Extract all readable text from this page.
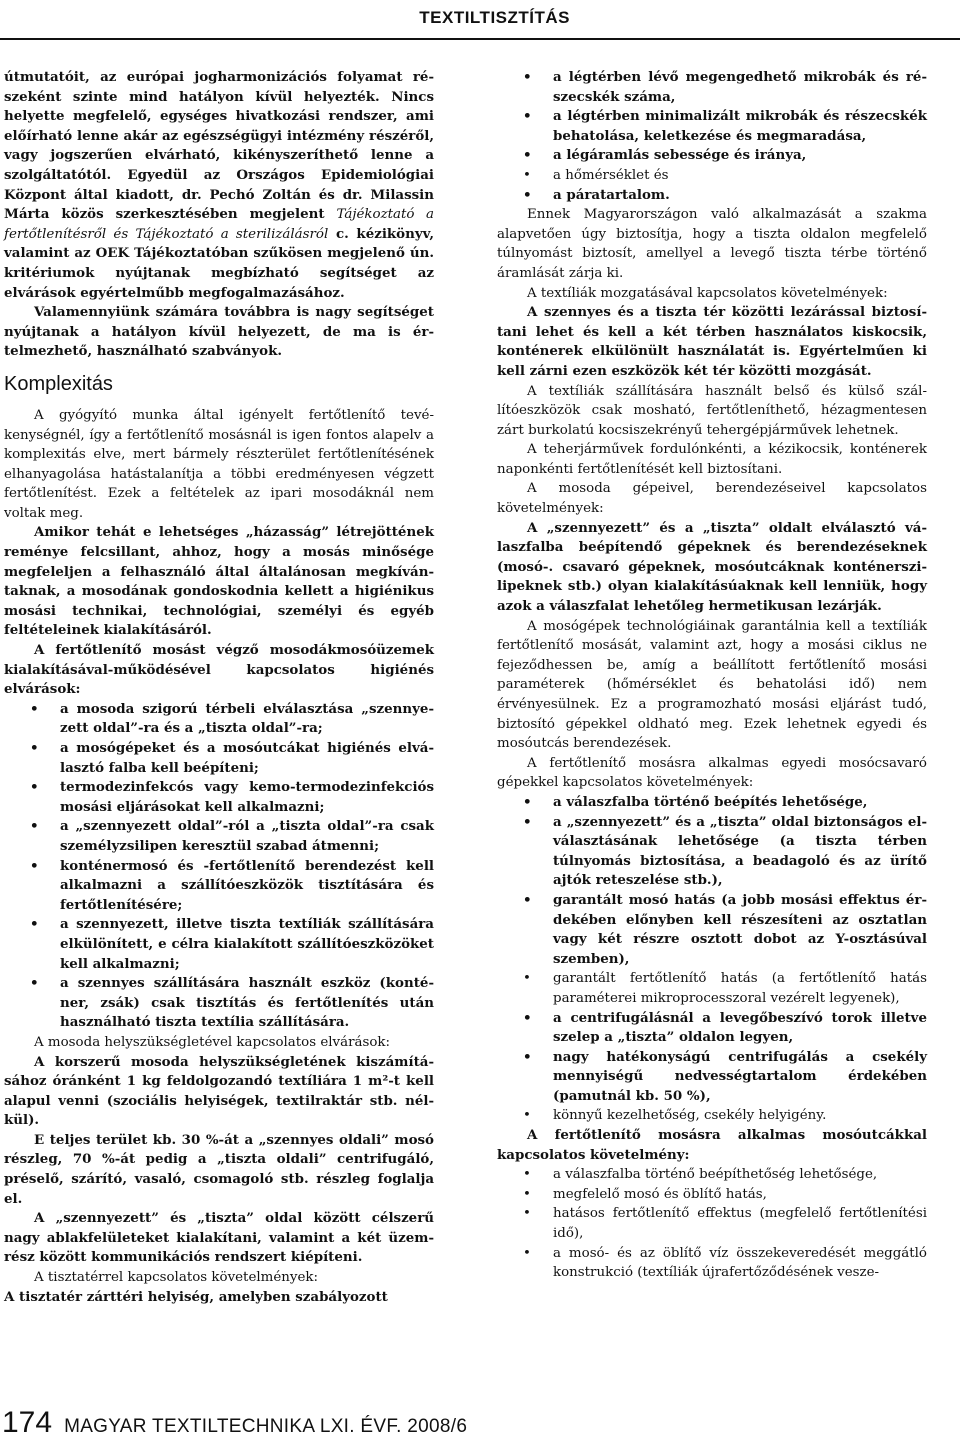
TEXTILTISZTÍTÁS

útmutatóit, az európai jogharmonizációs folyamat részeként szinte mind hatályon kívül helyezték. Nincs helyette megfelelő, egységes hivatkozási rendszer, ami előírható lenne akár az egészségügyi intézmény részéről, vagy jogszerűen elvárható, kikényszeríthető lenne a szolgáltatótól. Egyedül az Országos Epidemiológiai Központ által kiadott, dr. Pechó Zoltán és dr. Milassin Márta közös szerkesztésében megjelent Tájékoztató a fertőtlenítésről és Tájékoztató a sterilizálásról c. kézikönyv, valamint az OEK Tájékoztatóban szűkösen megjelenő ún. kritériumok nyújtanak megbízható segítséget az elvárások egyértelműbb megfogalmazásához.

Valamennyiünk számára továbbra is nagy segítséget nyújtanak a hatályon kívül helyezett, de ma is értelmezhető, használható szabványok.

Komplexitás

A gyógyító munka által igényelt fertőtlenítő tevékenységnél, így a fertőtlenítő mosásnál is igen fontos alapelv a komplexitás elve, mert bármely részterület fertőtlenítésének elhanyagolása hatástalanítja a többi eredményesen végzett fertőtlenítést. Ezek a feltételek az ipari mosodáknál nem voltak meg.

Amikor tehát e lehetséges „házasság” létrejöttének reménye felcsillant, ahhoz, hogy a mosás minősége megfeleljen a felhasználó által általánosan megkívántaknak, a mosodának gondoskodnia kellett a higiénikus mosási technikai, technológiai, személyi és egyéb feltételeinek kialakításáról.

A fertőtlenítő mosást végző mosodákmosóüzemek kialakításával-működésével kapcsolatos higiénés elvárások:

• a mosoda szigorú térbeli elválasztása „szennyezett oldal”-ra és a „tiszta oldal”-ra;
• a mosógépeket és a mosóutcákat higiénés elválasztó falba kell beépíteni;
• termodezinfekcós vagy kemo-termodezinfekciós mosási eljárásokat kell alkalmazni;
• a „szennyezett oldal”-ról a „tiszta oldal”-ra csak személyzsilipen keresztül szabad átmenni;
• konténermosó és -fertőtlenítő berendezést kell alkalmazni a szállítóeszközök tisztítására és fertőtlenítésére;
• a szennyezett, illetve tiszta textíliák szállítására elkülönített, e célra kialakított szállítóeszközöket kell alkalmazni;
• a szennyes szállítására használt eszköz (konténer, zsák) csak tisztítás és fertőtlenítés után használható tiszta textília szállítására.

A mosoda helyszükségletével kapcsolatos elvárások:

A korszerű mosoda helyszükségletének kiszámításához óránként 1 kg feldolgozandó textíliára 1 m²-t kell alapul venni (szociális helyiségek, textilraktár stb. nélkül).

E teljes terület kb. 30 %-át a „szennyes oldali” mosó részleg, 70 %-át pedig a „tiszta oldali” centrifugáló, préselő, szárító, vasaló, csomagoló stb. részleg foglalja el.

A „szennyezett” és „tiszta” oldal között célszerű nagy ablakfelületeket kialakítani, valamint a két üzemrész között kommunikációs rendszert kiépíteni.

A tisztatérrel kapcsolatos követelmények:

A tisztatér zárttéri helyiség, amelyben szabályozott

• a légtérben lévő megengedhető mikrobák és részecskék száma,
• a légtérben minimalizált mikrobák és részecskék behatolása, keletkezése és megmaradása,
• a légáramlás sebessége és iránya,
• a hőmérséklet és
• a páratartalom.

Ennek Magyarországon való alkalmazását a szakma alapvetően úgy biztosítja, hogy a tiszta oldalon megfelelő túlnyomást biztosít, amellyel a levegő tiszta térbe történő áramlását zárja ki.

A textíliák mozgatásával kapcsolatos követelmények:

A szennyes és a tiszta tér közötti lezárással biztosítani lehet és kell a két térben használatos kiskocsik, konténerek elkülönült használatát is. Egyértelműen ki kell zárni ezen eszközök két tér közötti mozgását.

A textíliák szállítására használt belső és külső szállítóeszközök csak mosható, fertőtleníthető, hézagmentesen zárt burkolatú kocsiszekrényű tehergépjárművek lehetnek.

A teherjárművek fordulónkénti, a kézikocsik, konténerek naponkénti fertőtlenítését kell biztosítani.

A mosoda gépeivel, berendezéseivel kapcsolatos követelmények:

A „szennyezett” és a „tiszta” oldalt elválasztó válaszfalba beépítendő gépeknek és berendezéseknek (mosó-. csavaró gépeknek, mosóutcáknak konténerszilipeknek stb.) olyan kialakításúaknak kell lenniük, hogy azok a válaszfalat lehetőleg hermetikusan lezárják.

A mosógépek technológiáinak garantálnia kell a textíliák fertőtlenítő mosását, valamint azt, hogy a mosási ciklus ne fejeződhessen be, amíg a beállított fertőtlenítő mosási paraméterek (hőmérséklet és behatolási idő) nem érvényesülnek. Ez a programozható mosási eljárást tudó, biztosító gépekkel oldható meg. Ezek lehetnek egyedi és mosóutcás berendezések.

A fertőtlenítő mosásra alkalmas egyedi mosócsavaró gépekkel kapcsolatos követelmények:

• a válaszfalba történő beépítés lehetősége,
• a „szennyezett” és a „tiszta” oldal biztonságos elválasztásának lehetősége (a tiszta térben túlnyomás biztosítása, a beadagoló és az ürítő ajtók reteszelése stb.),
• garantált mosó hatás (a jobb mosási effektus érdekében előnyben kell részesíteni az osztatlan vagy két részre osztott dobot az Y-osztásúval szemben),
• garantált fertőtlenítő hatás (a fertőtlenítő hatás paraméterei mikroprocesszoral vezérelt legyenek),
• a centrifugálásnál a levegőbeszívó torok illetve szelep a „tiszta” oldalon legyen,
• nagy hatékonyságú centrifugálás a csekély mennyiségű nedvességtartalom érdekében (pamutnál kb. 50 %),
• könnyű kezelhetőség, csekély helyigény.

A fertőtlenítő mosásra alkalmas mosóutcákkal kapcsolatos követelmény:

• a válaszfalba történő beépíthetőség lehetősége,
• megfelelő mosó és öblítő hatás,
• hatásos fertőtlenítő effektus (megfelelő fertőtlenítési idő),
• a mosó- és az öblítő víz összekeveredését meggátló konstrukció (textíliák újrafertőződésének vesze-
174 MAGYAR TEXTILTECHNIKA LXI. ÉVF. 2008/6
